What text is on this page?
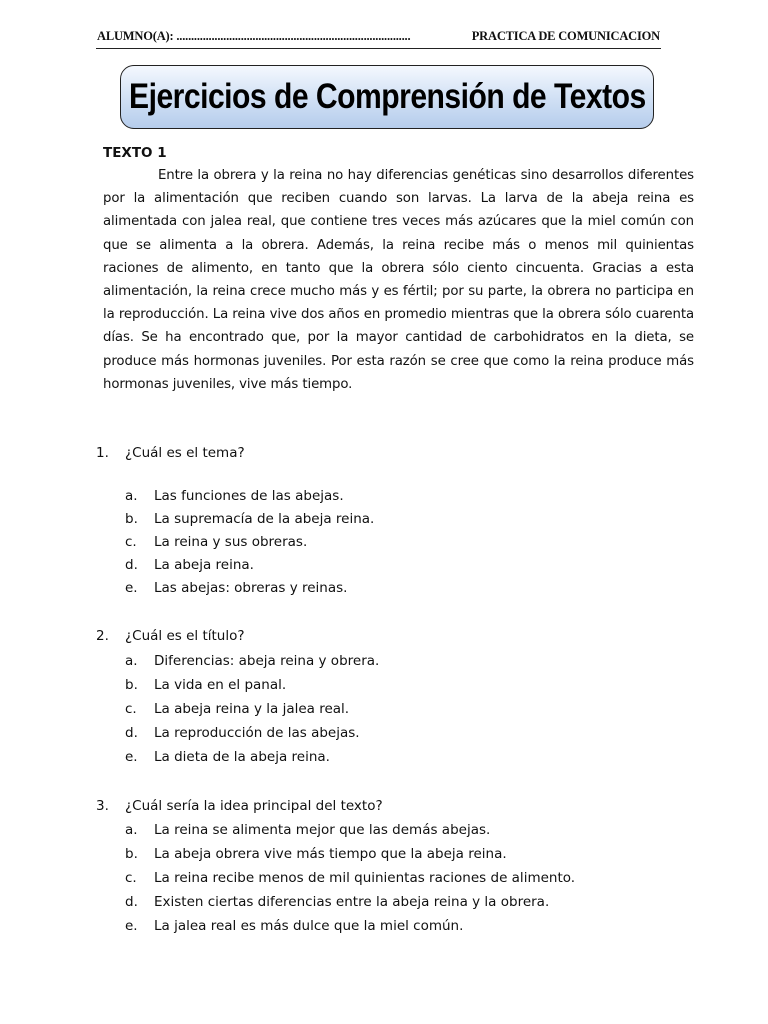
ALUMNO(A): ................................................................................	PRACTICA DE COMUNICACION
Ejercicios de Comprensión de Textos
TEXTO 1

Entre la obrera y la reina no hay diferencias genéticas sino desarrollos diferentes por la alimentación que reciben cuando son larvas. La larva de la abeja reina es alimentada con jalea real, que contiene tres veces más azúcares que la miel común con que se alimenta a la obrera. Además, la reina recibe más o menos mil quinientas raciones de alimento, en tanto que la obrera sólo ciento cincuenta. Gracias a esta alimentación, la reina crece mucho más y es fértil; por su parte, la obrera no participa en la reproducción. La reina vive dos años en promedio mientras que la obrera sólo cuarenta días. Se ha encontrado que, por la mayor cantidad de carbohidratos en la dieta, se produce más hormonas juveniles. Por esta razón se cree que como la reina produce más hormonas juveniles, vive más tiempo.

1.	¿Cuál es el tema?
a.	Las funciones de las abejas.
b.	La supremacía de la abeja reina.
c.	La reina y sus obreras.
d.	La abeja reina.
e.	Las abejas: obreras y reinas.
2.	¿Cuál es el título?
a.	Diferencias: abeja reina y obrera.
b.	La vida en el panal.
c.	La abeja reina y la jalea real.
d.	La reproducción de las abejas.
e.	La dieta de la abeja reina.
3.	¿Cuál sería la idea principal del texto?
a.	La reina se alimenta mejor que las demás abejas.
b.	La abeja obrera vive más tiempo que la abeja reina.
c.	La reina recibe menos de mil quinientas raciones de alimento.
d.	Existen ciertas diferencias entre la abeja reina y la obrera.
e.	La jalea real es más dulce que la miel común.
